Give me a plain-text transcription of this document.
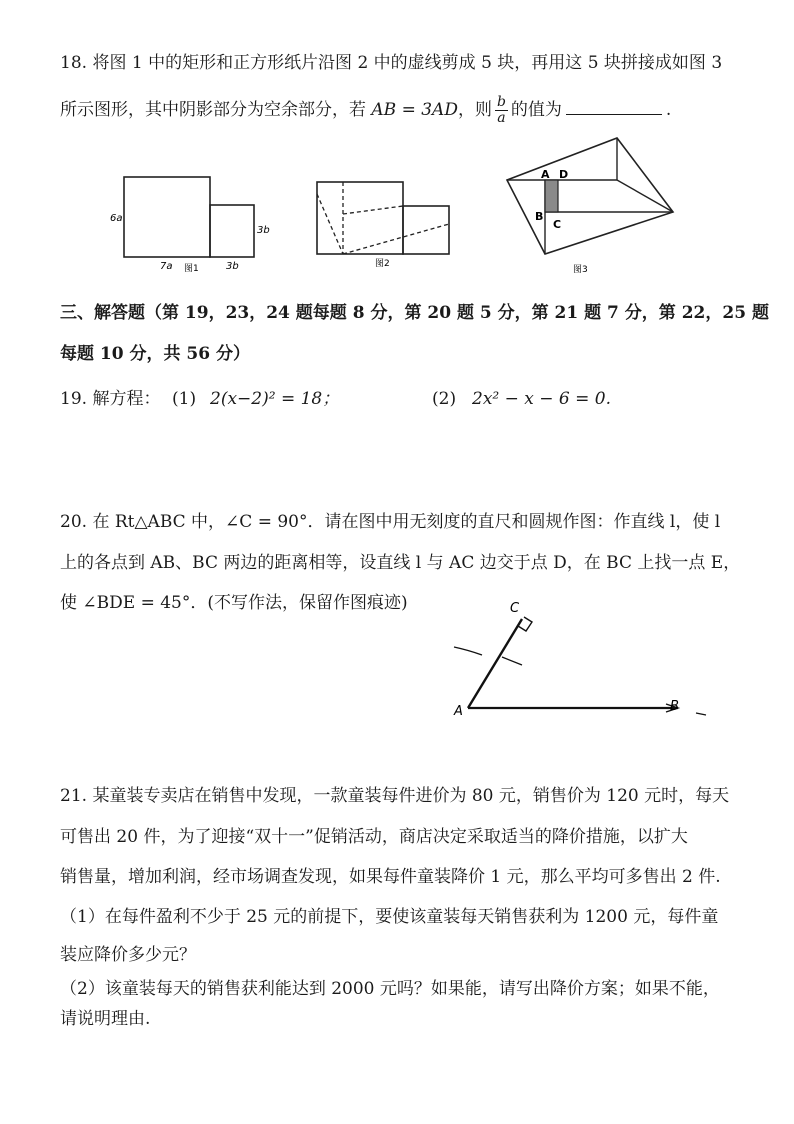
18. 将图 1 中的矩形和正方形纸片沿图 2 中的虚线剪成 5 块，再用这 5 块拼接成如图 3
所示图形，其中阴影部分为空余部分，若 AB = 3AD，则 $\frac{b}{a}$ 的值为	.
6a
7a	3b
3b
图1	图2
A D
B
C
图3
三、解答题（第 19，23，24 题每题 8 分，第 20 题 5 分，第 21 题 7 分，第 22，25 题
每题 10 分，共 56 分）
19. 解方程： (1) 2(x−2)² = 18；	(2) 2x² − x − 6 = 0.
20. 在 Rt△ABC 中，∠C = 90°．请在图中用无刻度的直尺和圆规作图：作直线 l，使 l
上的各点到 AB、BC 两边的距离相等，设直线 l 与 AC 边交于点 D，在 BC 上找一点 E，
使 ∠BDE = 45°．(不写作法，保留作图痕迹)
A	B
C
21. 某童装专卖店在销售中发现，一款童装每件进价为 80 元，销售价为 120 元时，每天
可售出 20 件，为了迎接“双十一”促销活动，商店决定采取适当的降价措施，以扩大
销售量，增加利润，经市场调查发现，如果每件童装降价 1 元，那么平均可多售出 2 件.
（1）在每件盈利不少于 25 元的前提下，要使该童装每天销售获利为 1200 元，每件童
装应降价多少元？
（2）该童装每天的销售获利能达到 2000 元吗？如果能，请写出降价方案；如果不能，
请说明理由.
